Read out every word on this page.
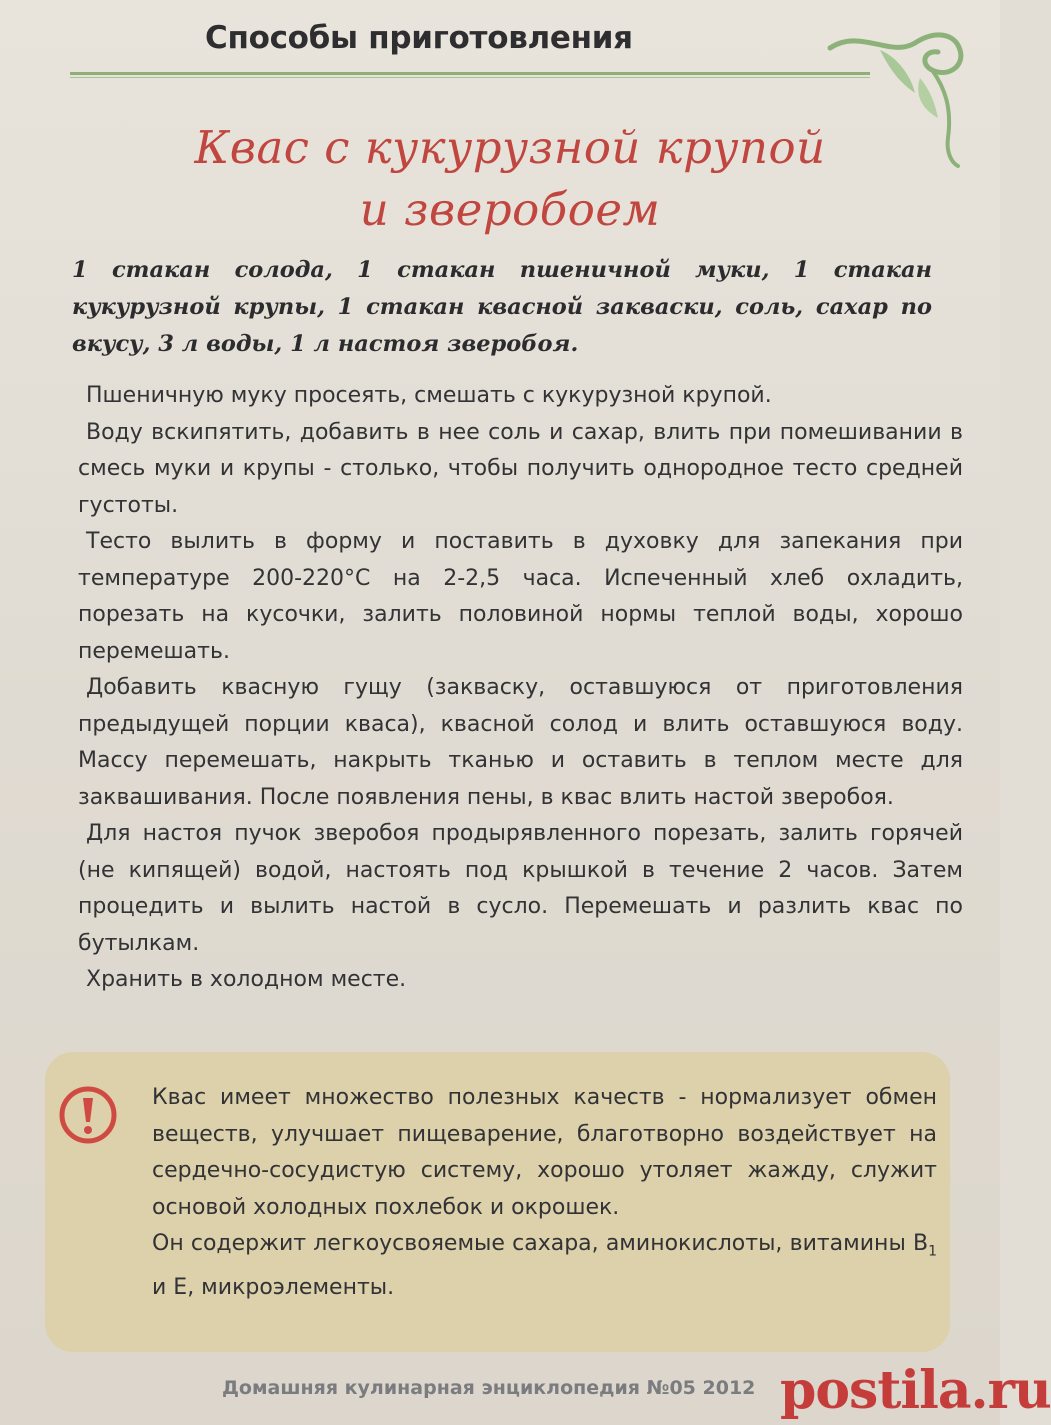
Способы приготовления
Квас с кукурузной крупой
и зверобоем
1 стакан солода, 1 стакан пшеничной муки, 1 стакан кукурузной крупы, 1 стакан квасной закваски, соль, сахар по вкусу, 3 л воды, 1 л настоя зверобоя.

Пшеничную муку просеять, смешать с кукурузной крупой.

Воду вскипятить, добавить в нее соль и сахар, влить при помешивании в смесь муки и крупы - столько, чтобы получить однородное тесто средней густоты.

Тесто вылить в форму и поставить в духовку для запекания при температуре 200-220°С на 2-2,5 часа. Испеченный хлеб охладить, порезать на кусочки, залить половиной нормы теплой воды, хорошо перемешать.

Добавить квасную гущу (закваску, оставшуюся от приготовления предыдущей порции кваса), квасной солод и влить оставшуюся воду. Массу перемешать, накрыть тканью и оставить в теплом месте для заквашивания. После появления пены, в квас влить настой зверобоя.

Для настоя пучок зверобоя продырявленного порезать, залить горячей (не кипящей) водой, настоять под крышкой в течение 2 часов. Затем процедить и вылить настой в сусло. Перемешать и разлить квас по бутылкам.

Хранить в холодном месте.

Квас имеет множество полезных качеств - нормализует обмен веществ, улучшает пищеварение, благотворно воздействует на сердечно-сосудистую систему, хорошо утоляет жажду, служит основой холодных похлебок и окрошек.

Он содержит легкоусвояемые сахара, аминокислоты, витамины $В_1$ и Е, микроэлементы.

Домашняя кулинарная энциклопедия №05 2012 postila.ru
